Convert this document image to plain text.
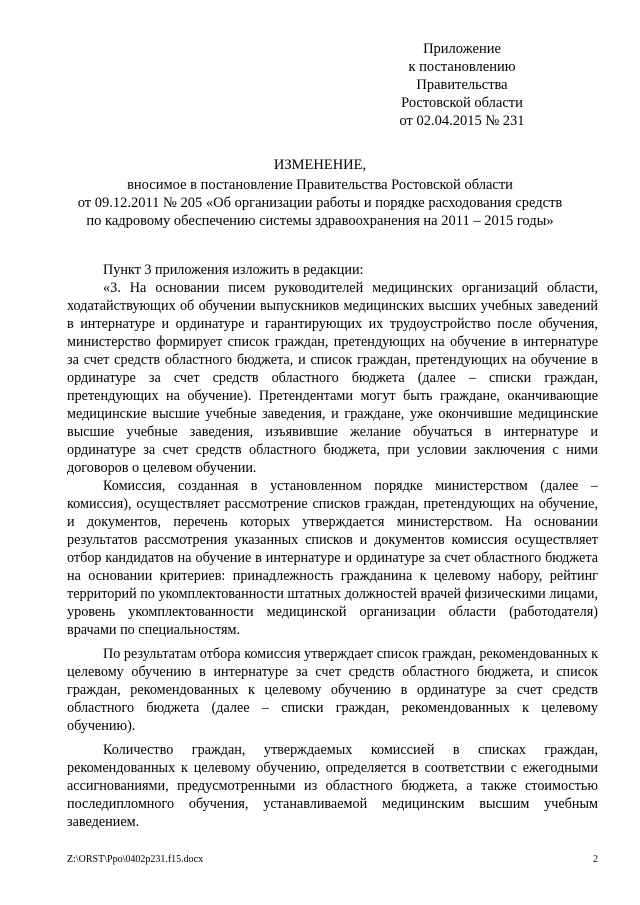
Приложение
к постановлению
Правительства
Ростовской области
от 02.04.2015 № 231
ИЗМЕНЕНИЕ,
вносимое в постановление Правительства Ростовской области
от 09.12.2011 № 205 «Об организации работы и порядке расходования средств
по кадровому обеспечению системы здравоохранения на 2011 – 2015 годы»

Пункт 3 приложения изложить в редакции:

«3. На основании писем руководителей медицинских организаций области, ходатайствующих об обучении выпускников медицинских высших учебных заведений в интернатуре и ординатуре и гарантирующих их трудоустройство после обучения, министерство формирует список граждан, претендующих на обучение в интернатуре за счет средств областного бюджета, и список граждан, претендующих на обучение в ординатуре за счет средств областного бюджета (далее – списки граждан, претендующих на обучение). Претендентами могут быть граждане, оканчивающие медицинские высшие учебные заведения, и граждане, уже окончившие медицинские высшие учебные заведения, изъявившие желание обучаться в интернатуре и ординатуре за счет средств областного бюджета, при условии заключения с ними договоров о целевом обучении.

Комиссия, созданная в установленном порядке министерством (далее – комиссия), осуществляет рассмотрение списков граждан, претендующих на обучение, и документов, перечень которых утверждается министерством. На основании результатов рассмотрения указанных списков и документов комиссия осуществляет отбор кандидатов на обучение в интернатуре и ординатуре за счет областного бюджета на основании критериев: принадлежность гражданина к целевому набору, рейтинг территорий по укомплектованности штатных должностей врачей физическими лицами, уровень укомплектованности медицинской организации области (работодателя) врачами по специальностям.

По результатам отбора комиссия утверждает список граждан, рекомендованных к целевому обучению в интернатуре за счет средств областного бюджета, и список граждан, рекомендованных к целевому обучению в ординатуре за счет средств областного бюджета (далее – списки граждан, рекомендованных к целевому обучению).

Количество граждан, утверждаемых комиссией в списках граждан, рекомендованных к целевому обучению, определяется в соответствии с ежегодными ассигнованиями, предусмотренными из областного бюджета, а также стоимостью последипломного обучения, устанавливаемой медицинским высшим учебным заведением.

Z:\ORST\Ppo\0402p231.f15.docx	2
